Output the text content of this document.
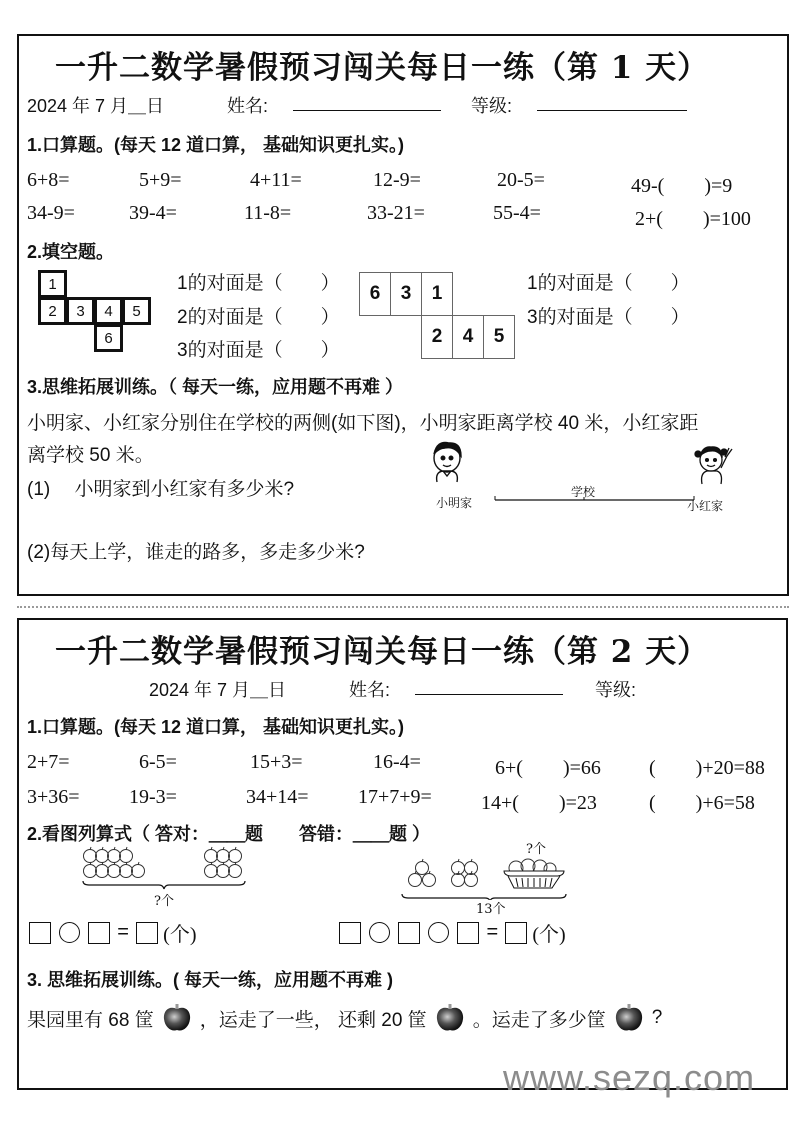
一升二数学暑假预习闯关每日一练（第 1 天）
2024 年 7 月＿日	姓名:	等级:
1.口算题。(每天 12 道口算， 基础知识更扎实。)
6+8=	5+9=	4+11=	12-9=	20-5=	49-(　　)=9
34-9=	39-4=	11-8=	33-21=	55-4=	2+(　　)=100
2.填空题。
1
2	3	4	5
6
1的对面是（　　）
2的对面是（　　）
3的对面是（　　）
6	3	1
2	4	5
1的对面是（　　）
3的对面是（　　）
3.思维拓展训练。（ 每天一练，应用题不再难 ）
小明家、小红家分别住在学校的两侧(如下图)，小明家距离学校 40 米，小红家距
离学校 50 米。
(1)　 小明家到小红家有多少米?
(2)每天上学，谁走的路多，多走多少米?
小明家
学校
小红家
一升二数学暑假预习闯关每日一练（第 2 天）
2024 年 7 月＿日	姓名:	等级:
1.口算题。(每天 12 道口算， 基础知识更扎实。)
2+7=	6-5=	15+3=	16-4=	6+(　　)=66 (　　)+20=88
3+36= 19-3=	34+14= 17+7+9= 14+(　　)=23	(　　)+6=58
2.看图列算式（ 答对：＿＿题　　答错：＿＿题 ）
?个
?个
13个
= (个)	= (个)
3. 思维拓展训练。( 每天一练，应用题不再难 )
果园里有 68 筐 ，运走了一些， 还剩 20 筐 。运走了多少筐 ?
www.sezq.com
